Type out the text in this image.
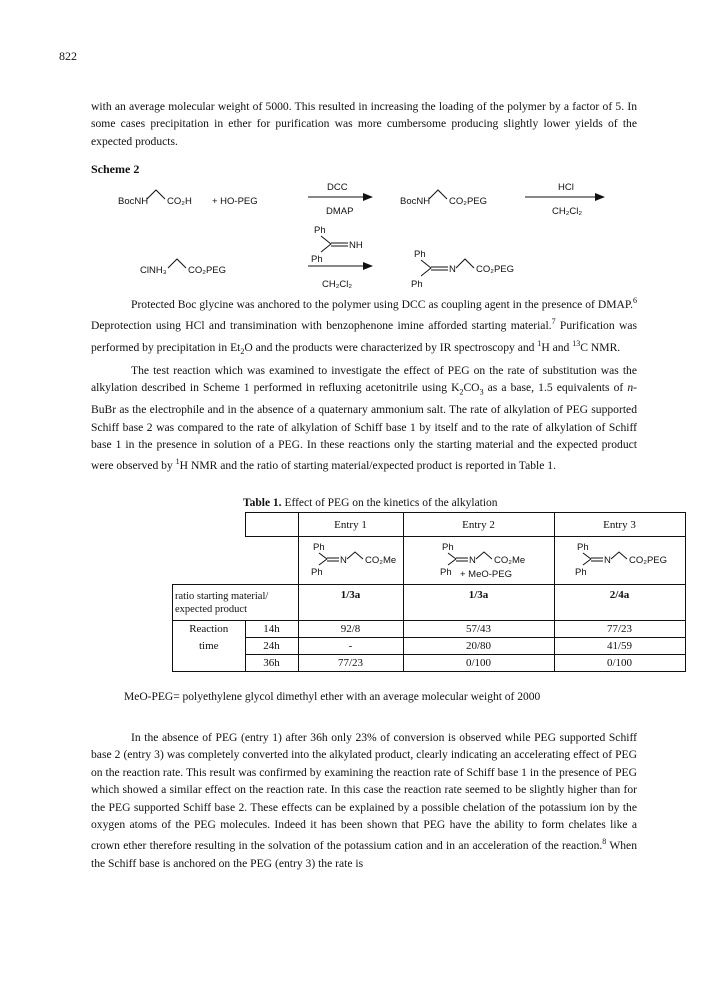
822

with an average molecular weight of 5000. This resulted in increasing the loading of the polymer by a factor of 5. In some cases precipitation in ether for purification was more cumbersome producing slightly lower yields of the expected products.

Scheme 2
BocNH CO₂H + HO-PEG
DCC
DMAP
BocNH CO₂PEG
HCl
CH₂Cl₂
ClNH₃ CO₂PEG
Ph
NH
Ph
CH₂Cl₂
Ph
N CO₂PEG
Ph

Protected Boc glycine was anchored to the polymer using DCC as coupling agent in the presence of DMAP.$^6$ Deprotection using HCl and transimination with benzophenone imine afforded starting material.$^7$ Purification was performed by precipitation in $Et_2O$ and the products were characterized by IR spectroscopy and $^1$H and $^{13}$C NMR.

The test reaction which was examined to investigate the effect of PEG on the rate of substitution was the alkylation described in Scheme 1 performed in refluxing acetonitrile using $K_2CO_3$ as a base, 1.5 equivalents of n-BuBr as the electrophile and in the absence of a quaternary ammonium salt. The rate of alkylation of PEG supported Schiff base 2 was compared to the rate of alkylation of Schiff base 1 by itself and to the rate of alkylation of Schiff base 1 in the presence in solution of a PEG. In these reactions only the starting material and the expected product were observed by $^1$H NMR and the ratio of starting material/expected product is reported in Table 1.

Table 1. Effect of PEG on the kinetics of the alkylation
		Entry 1	Entry 2	Entry 3

Ph
N CO₂Me
Ph	Ph
N CO₂Me
Ph + MeO-PEG	Ph
N CO₂PEG
Ph

ratio starting material/ expected product		1/3a	1/3a	2/4a
Reaction	14h	92/8	57/43	77/23
time	24h	-	20/80	41/59
	36h	77/23	0/100	0/100
MeO-PEG= polyethylene glycol dimethyl ether with an average molecular weight of 2000

In the absence of PEG (entry 1) after 36h only 23% of conversion is observed while PEG supported Schiff base 2 (entry 3) was completely converted into the alkylated product, clearly indicating an accelerating effect of PEG on the reaction rate. This result was confirmed by examining the reaction rate of Schiff base 1 in the presence of PEG which showed a similar effect on the reaction rate. In this case the reaction rate seemed to be slightly higher than for the PEG supported Schiff base 2. These effects can be explained by a possible chelation of the potassium ion by the oxygen atoms of the PEG molecules. Indeed it has been shown that PEG have the ability to form chelates like a crown ether therefore resulting in the solvation of the potassium cation and in an acceleration of the reaction.$^8$ When the Schiff base is anchored on the PEG (entry 3) the rate is
